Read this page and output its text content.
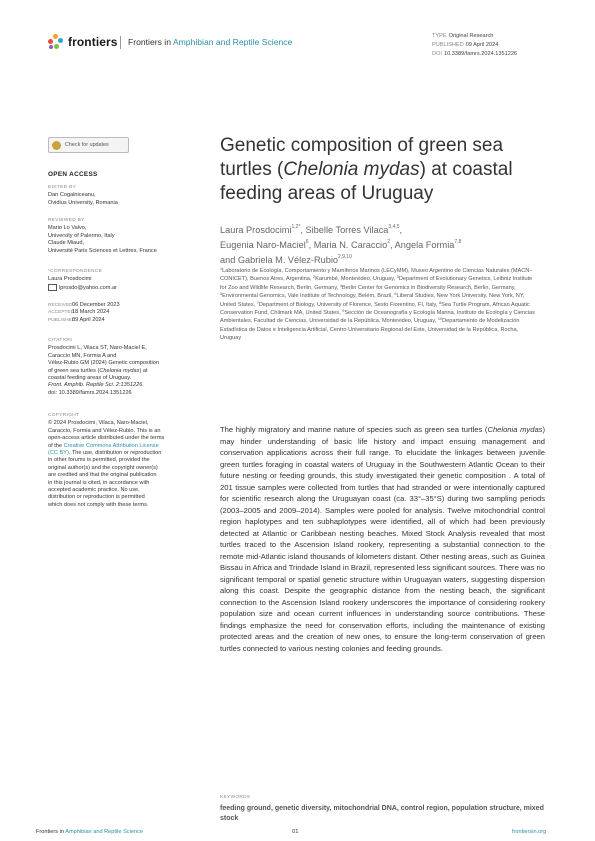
frontiers Frontiers in Amphibian and Reptile Science
TYPE Original Research
PUBLISHED 09 April 2024
DOI 10.3389/famrs.2024.1351226
Check for updates
OPEN ACCESS
EDITED BY
Dan Cogalniceanu,
Ovidius University, Romania
REVIEWED BY
Mario Lo Valvo,
University of Palermo, Italy
Claude Miaud,
Université Paris Sciences et Lettres, France
*CORRESPONDENCE
Laura Prosdocimi
lprosdo@yahoo.com.ar
RECEIVED06 December 2023
ACCEPTED18 March 2024
PUBLISHED09 April 2024
CITATION
Prosdocimi L, Vilaca ST, Naro-Maciel E,
Caraccio MN, Formia A and
Vélez-Rubio GM (2024) Genetic composition
of green sea turtles (Chelonia mydas) at
coastal feeding areas of Uruguay.
Front. Amphib. Reptile Sci. 2:1351226.
doi: 10.3389/famrs.2024.1351226
COPYRIGHT
© 2024 Prosdocimi, Vilaca, Naro-Maciel,
Caraccio, Formia and Vélez-Rubio. This is an
open-access article distributed under the terms
of the Creative Commons Attribution License
(CC BY). The use, distribution or reproduction
in other forums is permitted, provided the
original author(s) and the copyright owner(s)
are credited and that the original publication
in this journal is cited, in accordance with
accepted academic practice. No use,
distribution or reproduction is permitted
which does not comply with these terms.
Genetic composition of green sea turtles (Chelonia mydas) at coastal feeding areas of Uruguay
Laura Prosdocimi$^{1,2*}$, Sibelle Torres Vilaca$^{3,4,5}$,
Eugenia Naro-Maciel$^6$, Maria N. Caraccio$^2$, Angela Formia$^{7,8}$
and Gabriela M. Vélez-Rubio$^{2,9,10}$
$^1$Laboratorio de Ecología, Comportamiento y Mamíferos Marinos (LECyMM), Museo Argentino de Ciencias Naturales (MACN–CONICET), Buenos Aires, Argentina, $^2$Karumbé, Montevideo, Uruguay, $^3$Department of Evolutionary Genetics, Leibniz Institute for Zoo and Wildlife Research, Berlin, Germany, $^4$Berlin Center for Genomics in Biodiversity Research, Berlin, Germany, $^5$Environmental Genomics, Vale Institute of Technology, Belém, Brazil, $^6$Liberal Studies, New York University, New York, NY, United States, $^7$Department of Biology, University of Florence, Sesto Fiorentino, FI, Italy, $^8$Sea Turtle Program, African Aquatic Conservation Fund, Chilmark MA, United States, $^9$Sección de Oceanografía y Ecología Marina, Instituto de Ecología y Ciencias Ambientales, Facultad de Ciencias, Universidad de la República, Montevideo, Uruguay, $^{10}$Departamento de Modelización Estadística de Datos e Inteligencia Artificial, Centro Universitario Regional del Este, Universidad de la República, Rocha, Uruguay
The highly migratory and marine nature of species such as green sea turtles (Chelonia mydas) may hinder understanding of basic life history and impact ensuing management and conservation applications across their full range. To elucidate the linkages between juvenile green turtles foraging in coastal waters of Uruguay in the Southwestern Atlantic Ocean to their future nesting or feeding grounds, this study investigated their genetic composition . A total of 201 tissue samples were collected from turtles that had stranded or were intentionally captured for scientific research along the Uruguayan coast (ca. 33°–35°S) during two sampling periods (2003–2005 and 2009–2014). Samples were pooled for analysis. Twelve mitochondrial control region haplotypes and ten subhaplotypes were identified, all of which had been previously detected at Atlantic or Caribbean nesting beaches. Mixed Stock Analysis revealed that most turtles traced to the Ascension Island rookery, representing a substantial connection to the remote mid-Atlantic island thousands of kilometers distant. Other nesting areas, such as Guinea Bissau in Africa and Trindade Island in Brazil, represented less significant sources. There was no significant temporal or spatial genetic structure within Uruguayan waters, suggesting dispersion along this coast. Despite the geographic distance from the nesting beach, the significant connection to the Ascension Island rookery underscores the importance of considering rookery population size and ocean current influences in understanding source contributions. These findings emphasize the need for conservation efforts, including the maintenance of existing protected areas and the creation of new ones, to ensure the long-term conservation of green turtles connected to various nesting colonies and feeding grounds.
KEYWORDS
feeding ground, genetic diversity, mitochondrial DNA, control region, population structure, mixed stock
Frontiers in Amphibian and Reptile Science	01	frontiersin.org
